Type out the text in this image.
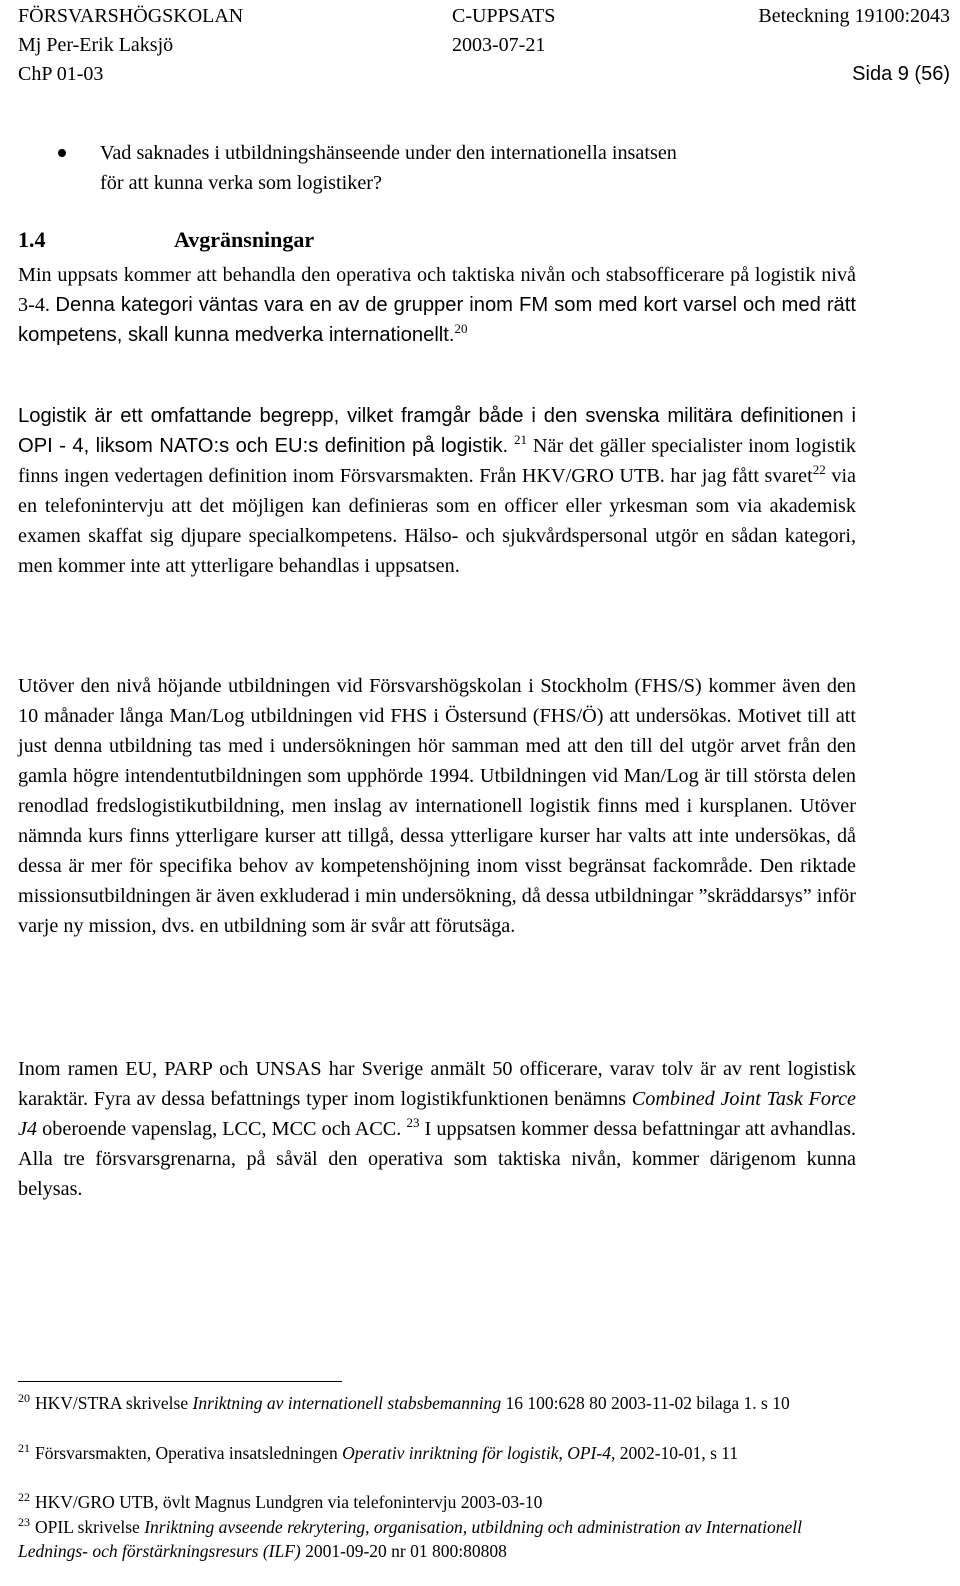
FÖRSVARSHÖGSKOLAN	C-UPPSATS	Beteckning 19100:2043
Mj Per-Erik Laksjö	2003-07-21
ChP 01-03	Sida 9 (56)
Vad saknades i utbildningshänseende under den internationella insatsen
för att kunna verka som logistiker?
1.4	Avgränsningar
Min uppsats kommer att behandla den operativa och taktiska nivån och stabsofficerare på logistik nivå 3-4. Denna kategori väntas vara en av de grupper inom FM som med kort varsel och med rätt kompetens, skall kunna medverka internationellt.$^{20}$
Logistik är ett omfattande begrepp, vilket framgår både i den svenska militära definitionen i OPI - 4, liksom NATO:s och EU:s definition på logistik. $^{21}$ När det gäller specialister inom logistik finns ingen vedertagen definition inom Försvarsmakten. Från HKV/GRO UTB. har jag fått svaret$^{22}$ via en telefonintervju att det möjligen kan definieras som en officer eller yrkesman som via akademisk examen skaffat sig djupare specialkompetens. Hälso- och sjukvårdspersonal utgör en sådan kategori, men kommer inte att ytterligare behandlas i uppsatsen.
Utöver den nivå höjande utbildningen vid Försvarshögskolan i Stockholm (FHS/S) kommer även den 10 månader långa Man/Log utbildningen vid FHS i Östersund (FHS/Ö) att undersökas. Motivet till att just denna utbildning tas med i undersökningen hör samman med att den till del utgör arvet från den gamla högre intendentutbildningen som upphörde 1994. Utbildningen vid Man/Log är till största delen renodlad fredslogistikutbildning, men inslag av internationell logistik finns med i kursplanen. Utöver nämnda kurs finns ytterligare kurser att tillgå, dessa ytterligare kurser har valts att inte undersökas, då dessa är mer för specifika behov av kompetenshöjning inom visst begränsat fackområde. Den riktade missionsutbildningen är även exkluderad i min undersökning, då dessa utbildningar ”skräddarsys” inför varje ny mission, dvs. en utbildning som är svår att förutsäga.
Inom ramen EU, PARP och UNSAS har Sverige anmält 50 officerare, varav tolv är av rent logistisk karaktär. Fyra av dessa befattnings typer inom logistikfunktionen benämns Combined Joint Task Force J4 oberoende vapenslag, LCC, MCC och ACC. $^{23}$ I uppsatsen kommer dessa befattningar att avhandlas. Alla tre försvarsgrenarna, på såväl den operativa som taktiska nivån, kommer därigenom kunna belysas.
$^{20}$ HKV/STRA skrivelse Inriktning av internationell stabsbemanning 16 100:628 80 2003-11-02 bilaga 1. s 10
$^{21}$ Försvarsmakten, Operativa insatsledningen Operativ inriktning för logistik, OPI-4, 2002-10-01, s 11
$^{22}$ HKV/GRO UTB, övlt Magnus Lundgren via telefonintervju 2003-03-10
$^{23}$ OPIL skrivelse Inriktning avseende rekrytering, organisation, utbildning och administration av Internationell Lednings- och förstärkningsresurs (ILF) 2001-09-20 nr 01 800:80808
